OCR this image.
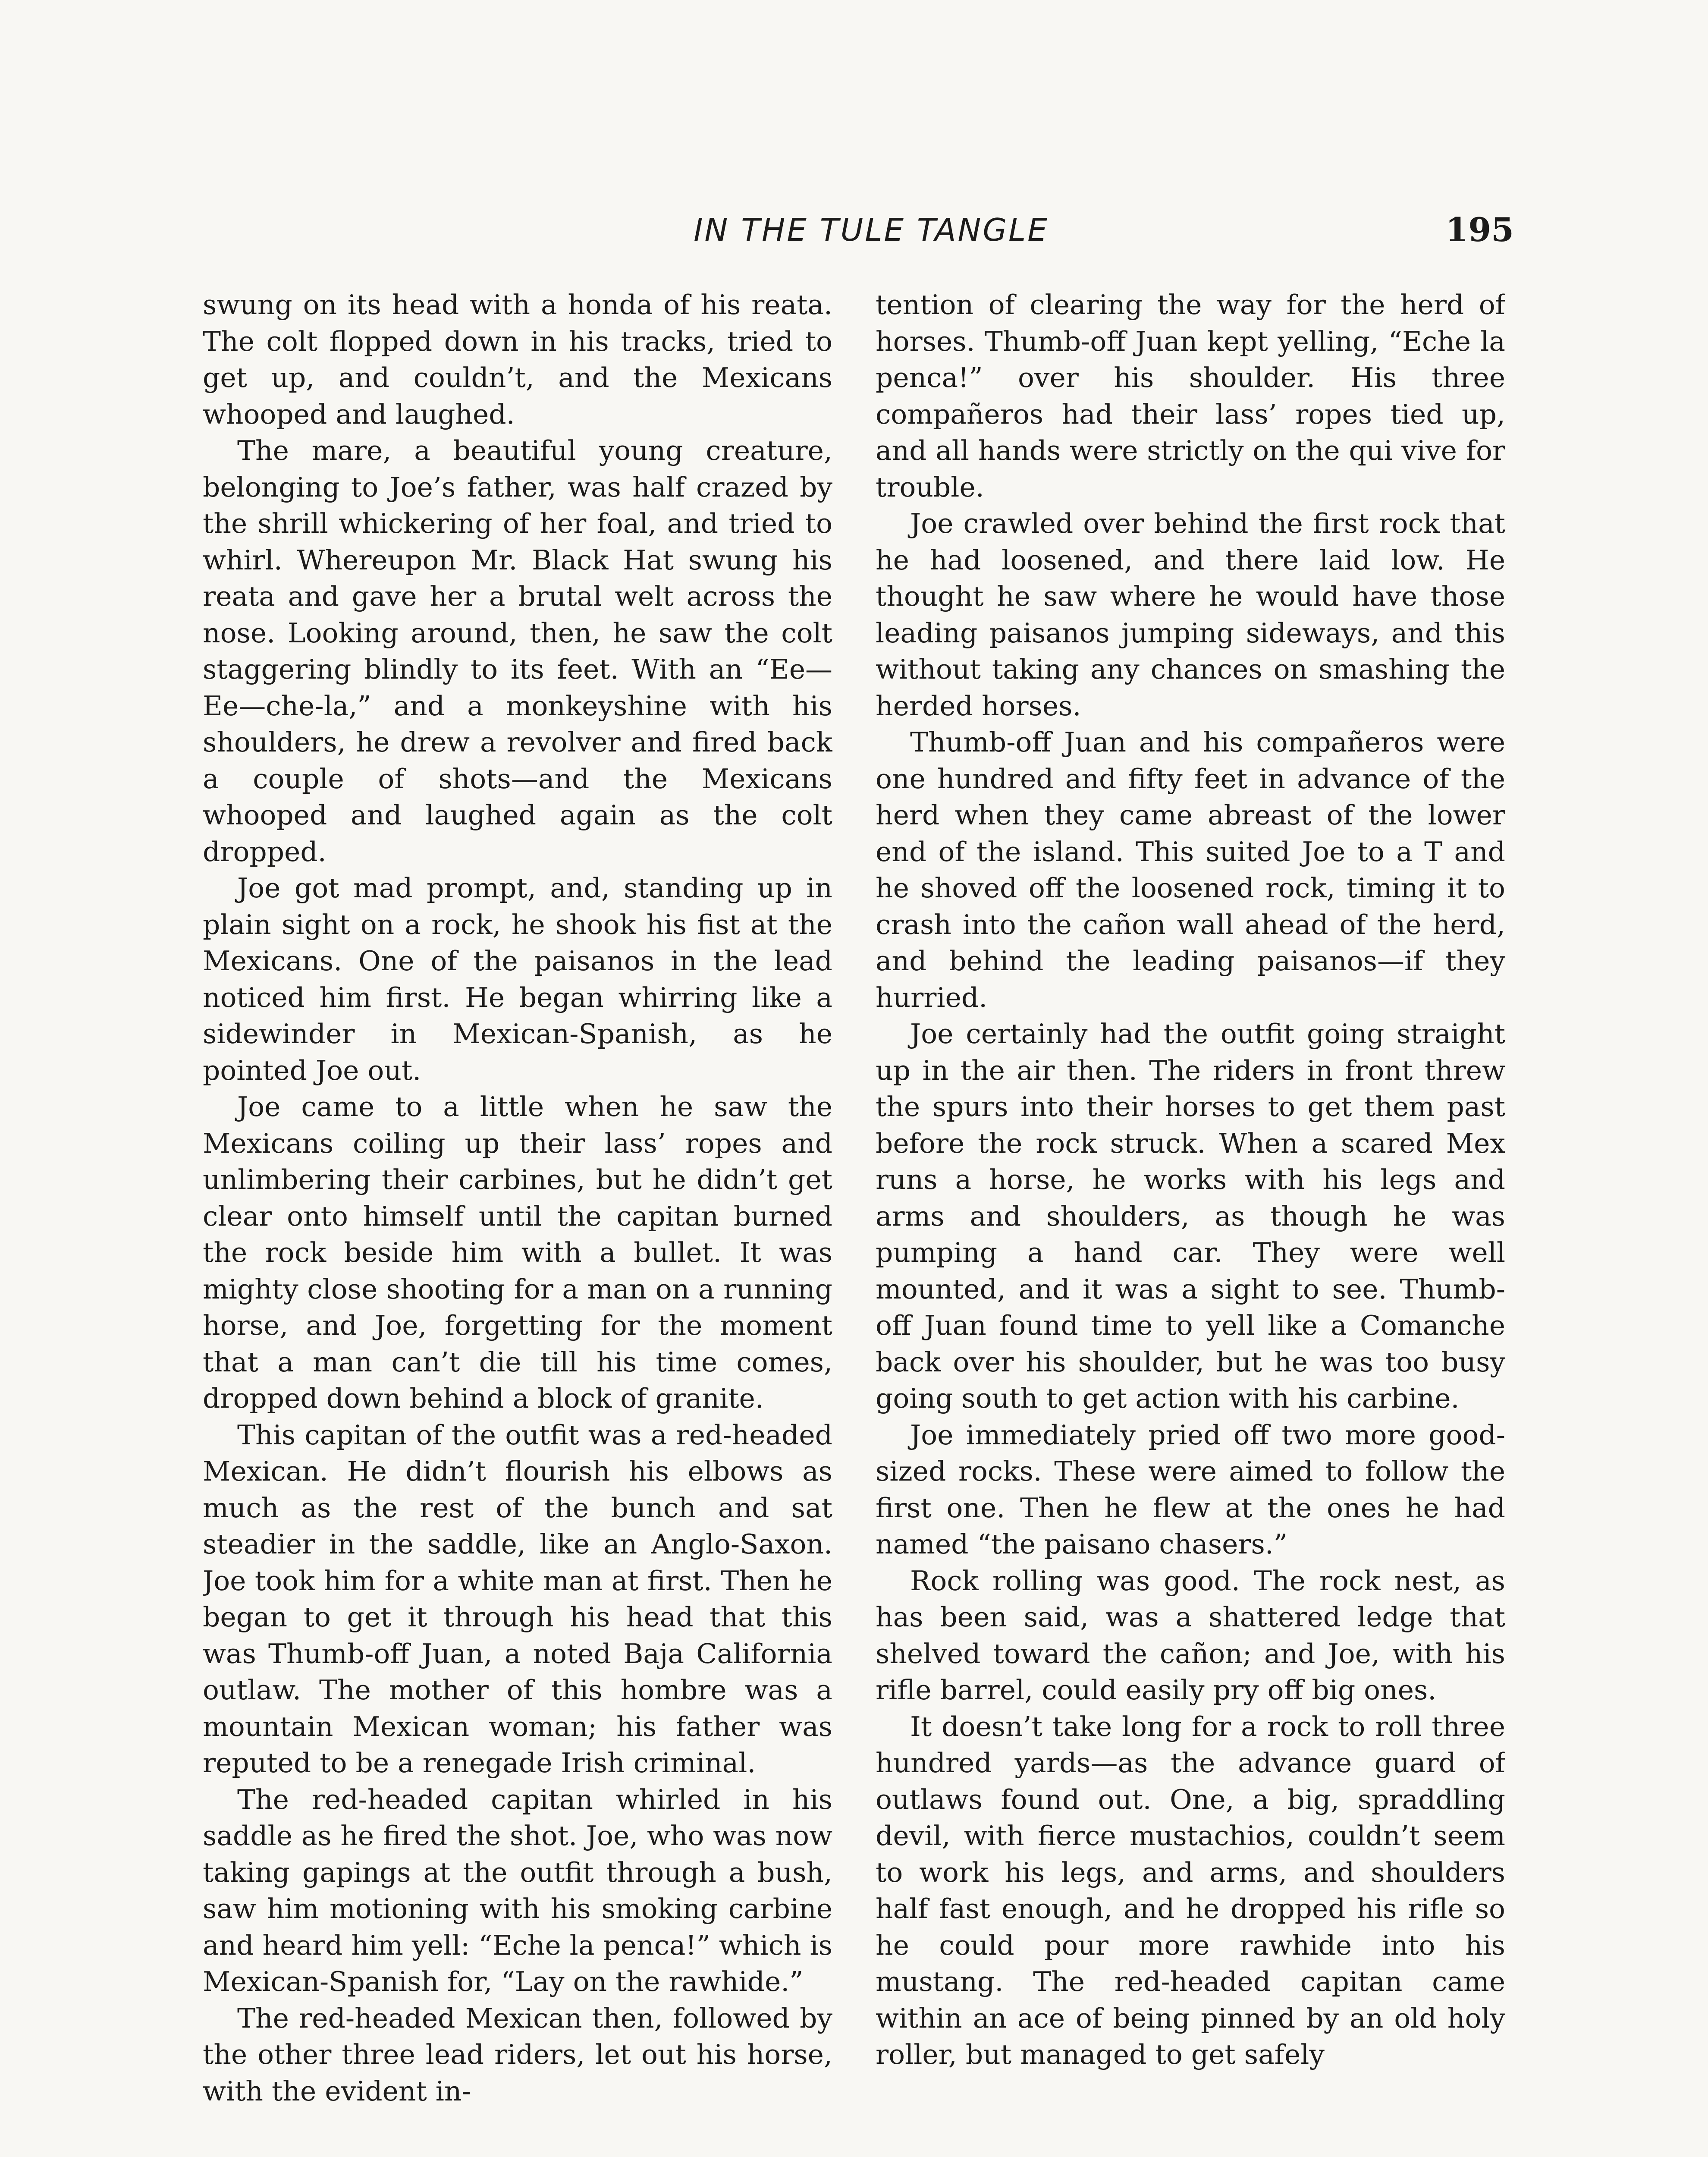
IN THE TULE TANGLE	195

swung on its head with a honda of his reata. The colt flopped down in his tracks, tried to get up, and couldn’t, and the Mexicans whooped and laughed.

The mare, a beautiful young creature, belonging to Joe’s father, was half crazed by the shrill whickering of her foal, and tried to whirl. Whereupon Mr. Black Hat swung his reata and gave her a brutal welt across the nose. Looking around, then, he saw the colt staggering blindly to its feet. With an “Ee—Ee—che-la,” and a monkeyshine with his shoulders, he drew a revolver and fired back a couple of shots—and the Mexicans whooped and laughed again as the colt dropped.

Joe got mad prompt, and, standing up in plain sight on a rock, he shook his fist at the Mexicans. One of the paisanos in the lead noticed him first. He began whirring like a sidewinder in Mexican-Spanish, as he pointed Joe out.

Joe came to a little when he saw the Mexicans coiling up their lass’ ropes and unlimbering their carbines, but he didn’t get clear onto himself until the capitan burned the rock beside him with a bullet. It was mighty close shooting for a man on a running horse, and Joe, forgetting for the moment that a man can’t die till his time comes, dropped down behind a block of granite.

This capitan of the outfit was a red-headed Mexican. He didn’t flourish his elbows as much as the rest of the bunch and sat steadier in the saddle, like an Anglo-Saxon. Joe took him for a white man at first. Then he began to get it through his head that this was Thumb-off Juan, a noted Baja California outlaw. The mother of this hombre was a mountain Mexican woman; his father was reputed to be a renegade Irish criminal.

The red-headed capitan whirled in his saddle as he fired the shot. Joe, who was now taking gapings at the outfit through a bush, saw him motioning with his smoking carbine and heard him yell: “Eche la penca!” which is Mexican-Spanish for, “Lay on the rawhide.”

The red-headed Mexican then, followed by the other three lead riders, let out his horse, with the evident in-

tention of clearing the way for the herd of horses. Thumb-off Juan kept yelling, “Eche la penca!” over his shoulder. His three compañeros had their lass’ ropes tied up, and all hands were strictly on the qui vive for trouble.

Joe crawled over behind the first rock that he had loosened, and there laid low. He thought he saw where he would have those leading paisanos jumping sideways, and this without taking any chances on smashing the herded horses.

Thumb-off Juan and his compañeros were one hundred and fifty feet in advance of the herd when they came abreast of the lower end of the island. This suited Joe to a T and he shoved off the loosened rock, timing it to crash into the cañon wall ahead of the herd, and behind the leading paisanos—if they hurried.

Joe certainly had the outfit going straight up in the air then. The riders in front threw the spurs into their horses to get them past before the rock struck. When a scared Mex runs a horse, he works with his legs and arms and shoulders, as though he was pumping a hand car. They were well mounted, and it was a sight to see. Thumb-off Juan found time to yell like a Comanche back over his shoulder, but he was too busy going south to get action with his carbine.

Joe immediately pried off two more good-sized rocks. These were aimed to follow the first one. Then he flew at the ones he had named “the paisano chasers.”

Rock rolling was good. The rock nest, as has been said, was a shattered ledge that shelved toward the cañon; and Joe, with his rifle barrel, could easily pry off big ones.

It doesn’t take long for a rock to roll three hundred yards—as the advance guard of outlaws found out. One, a big, spraddling devil, with fierce mustachios, couldn’t seem to work his legs, and arms, and shoulders half fast enough, and he dropped his rifle so he could pour more rawhide into his mustang. The red-headed capitan came within an ace of being pinned by an old holy roller, but managed to get safely
